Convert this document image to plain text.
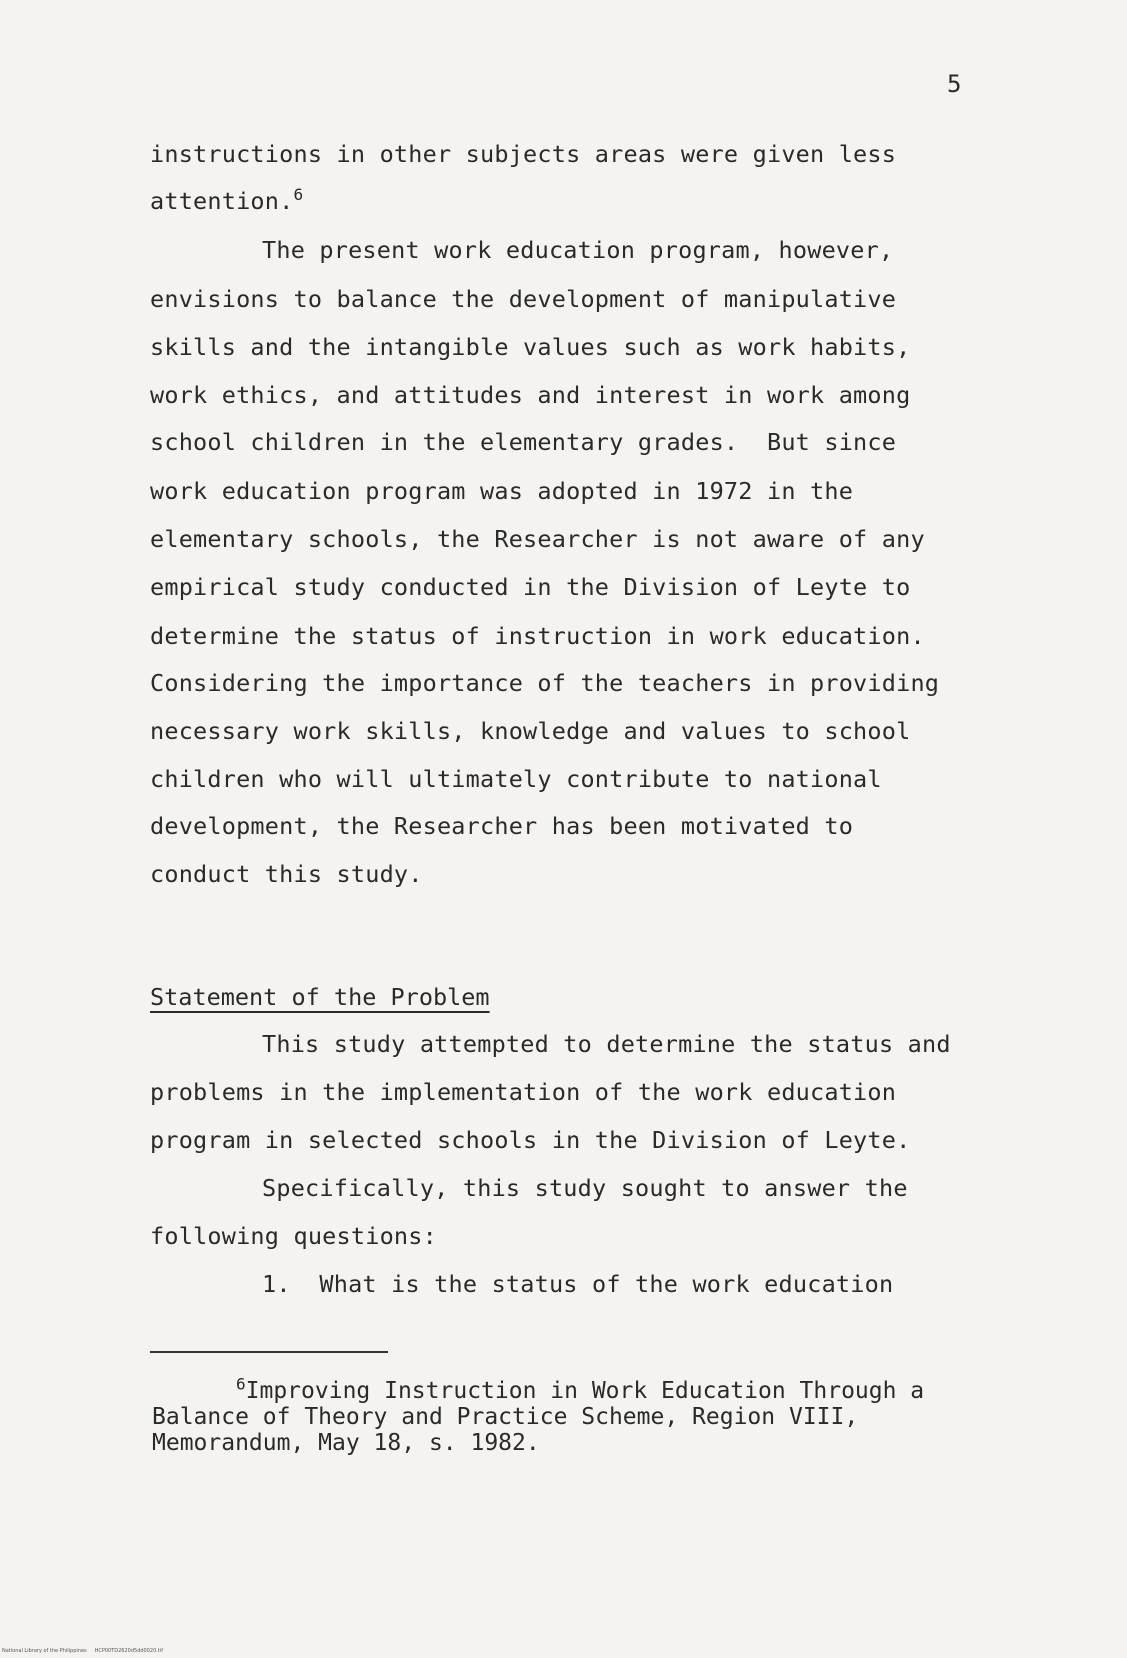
5
instructions in other subjects areas were given less
attention.$^6$
The present work education program, however,
envisions to balance the development of manipulative
skills and the intangible values such as work habits,
work ethics, and attitudes and interest in work among
school children in the elementary grades.  But since
work education program was adopted in 1972 in the
elementary schools, the Researcher is not aware of any
empirical study conducted in the Division of Leyte to
determine the status of instruction in work education.
Considering the importance of the teachers in providing
necessary work skills, knowledge and values to school
children who will ultimately contribute to national
development, the Researcher has been motivated to
conduct this study.
Statement of the Problem
This study attempted to determine the status and
problems in the implementation of the work education
program in selected schools in the Division of Leyte.
Specifically, this study sought to answer the
following questions:
1.  What is the status of the work education
$^6$Improving Instruction in Work Education Through a
Balance of Theory and Practice Scheme, Region VIII,
Memorandum, May 18, s. 1982.
National Library of the Philippines     HCP00TD2620d5dd0020.tif
